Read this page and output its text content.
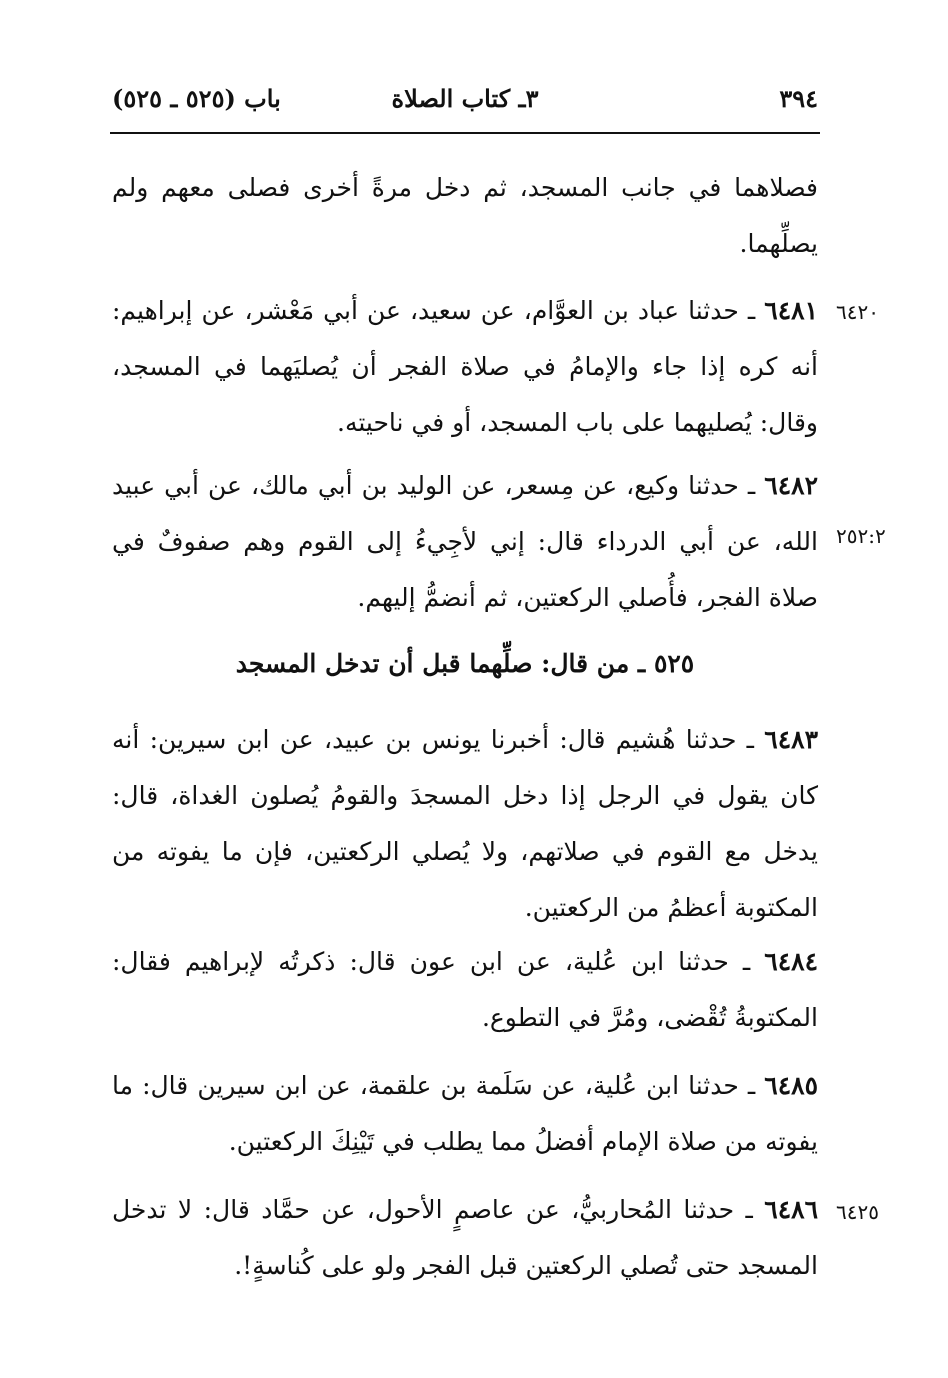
٣٩٤
٣ـ كتاب الصلاة
باب (٥٢٥ ـ ٥٢٥)

فصلاهما في جانب المسجد، ثم دخل مرةً أخرى فصلى معهم ولم يصلِّهما.

٦٤٢٠

٦٤٨١ ـ حدثنا عباد بن العوَّام، عن سعيد، عن أبي مَعْشر، عن إبراهيم: أنه كره إذا جاء والإمامُ في صلاة الفجر أن يُصليَهما في المسجد، وقال: يُصليهما على باب المسجد، أو في ناحيته.

٢٥٢:٢

٦٤٨٢ ـ حدثنا وكيع، عن مِسعر، عن الوليد بن أبي مالك، عن أبي عبيد الله، عن أبي الدرداء قال: إني لأجِيءُ إلى القوم وهم صفوفٌ في صلاة الفجر، فأُصلي الركعتين، ثم أنضمُّ إليهم.

٥٢٥ ـ من قال: صلِّهما قبل أن تدخل المسجد

٦٤٨٣ ـ حدثنا هُشيم قال: أخبرنا يونس بن عبيد، عن ابن سيرين: أنه كان يقول في الرجل إذا دخل المسجدَ والقومُ يُصلون الغداة، قال: يدخل مع القوم في صلاتهم، ولا يُصلي الركعتين، فإن ما يفوته من المكتوبة أعظمُ من الركعتين.

٦٤٨٤ ـ حدثنا ابن عُلية، عن ابن عون قال: ذكرتُه لإبراهيم فقال: المكتوبةُ تُقْضى، ومُرَّ في التطوع.

٦٤٨٥ ـ حدثنا ابن عُلية، عن سَلَمة بن علقمة، عن ابن سيرين قال: ما يفوته من صلاة الإمام أفضلُ مما يطلب في تَيْنِكَ الركعتين.

٦٤٢٥

٦٤٨٦ ـ حدثنا المُحاربيُّ، عن عاصمٍ الأحول، عن حمَّاد قال: لا تدخل المسجد حتى تُصلي الركعتين قبل الفجر ولو على كُناسةٍ!.
